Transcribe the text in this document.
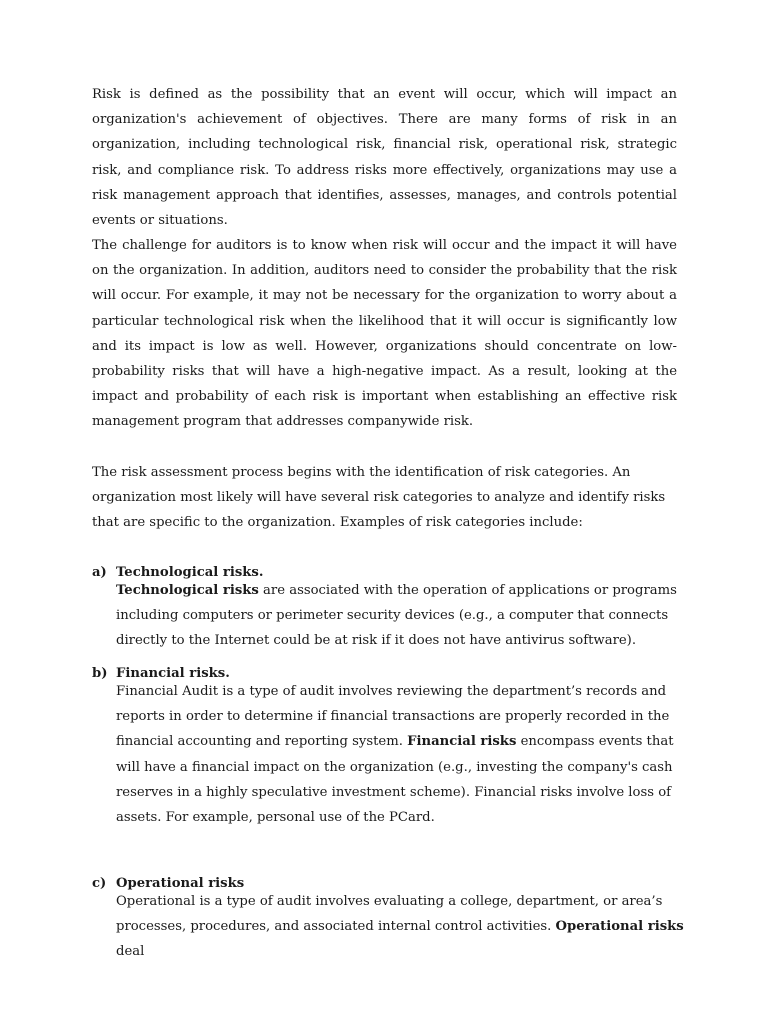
Risk is defined as the possibility that an event will occur, which will impact an organization's achievement of objectives. There are many forms of risk in an organization, including technological risk, financial risk, operational risk, strategic risk, and compliance risk. To address risks more effectively, organizations may use a risk management approach that identifies, assesses, manages, and controls potential events or situations.

The challenge for auditors is to know when risk will occur and the impact it will have on the organization. In addition, auditors need to consider the probability that the risk will occur. For example, it may not be necessary for the organization to worry about a particular technological risk when the likelihood that it will occur is significantly low and its impact is low as well. However, organizations should concentrate on low-probability risks that will have a high-negative impact. As a result, looking at the impact and probability of each risk is important when establishing an effective risk management program that addresses companywide risk.

The risk assessment process begins with the identification of risk categories. An organization most likely will have several risk categories to analyze and identify risks that are specific to the organization. Examples of risk categories include:

a) Technological risks.

Technological risks are associated with the operation of applications or programs including computers or perimeter security devices (e.g., a computer that connects directly to the Internet could be at risk if it does not have antivirus software).

b) Financial risks.

Financial Audit is a type of audit involves reviewing the department’s records and reports in order to determine if financial transactions are properly recorded in the financial accounting and reporting system. Financial risks encompass events that will have a financial impact on the organization (e.g., investing the company's cash reserves in a highly speculative investment scheme). Financial risks involve loss of assets. For example, personal use of the PCard.

c) Operational risks

Operational is a type of audit involves evaluating a college, department, or area’s processes, procedures, and associated internal control activities. Operational risks deal
